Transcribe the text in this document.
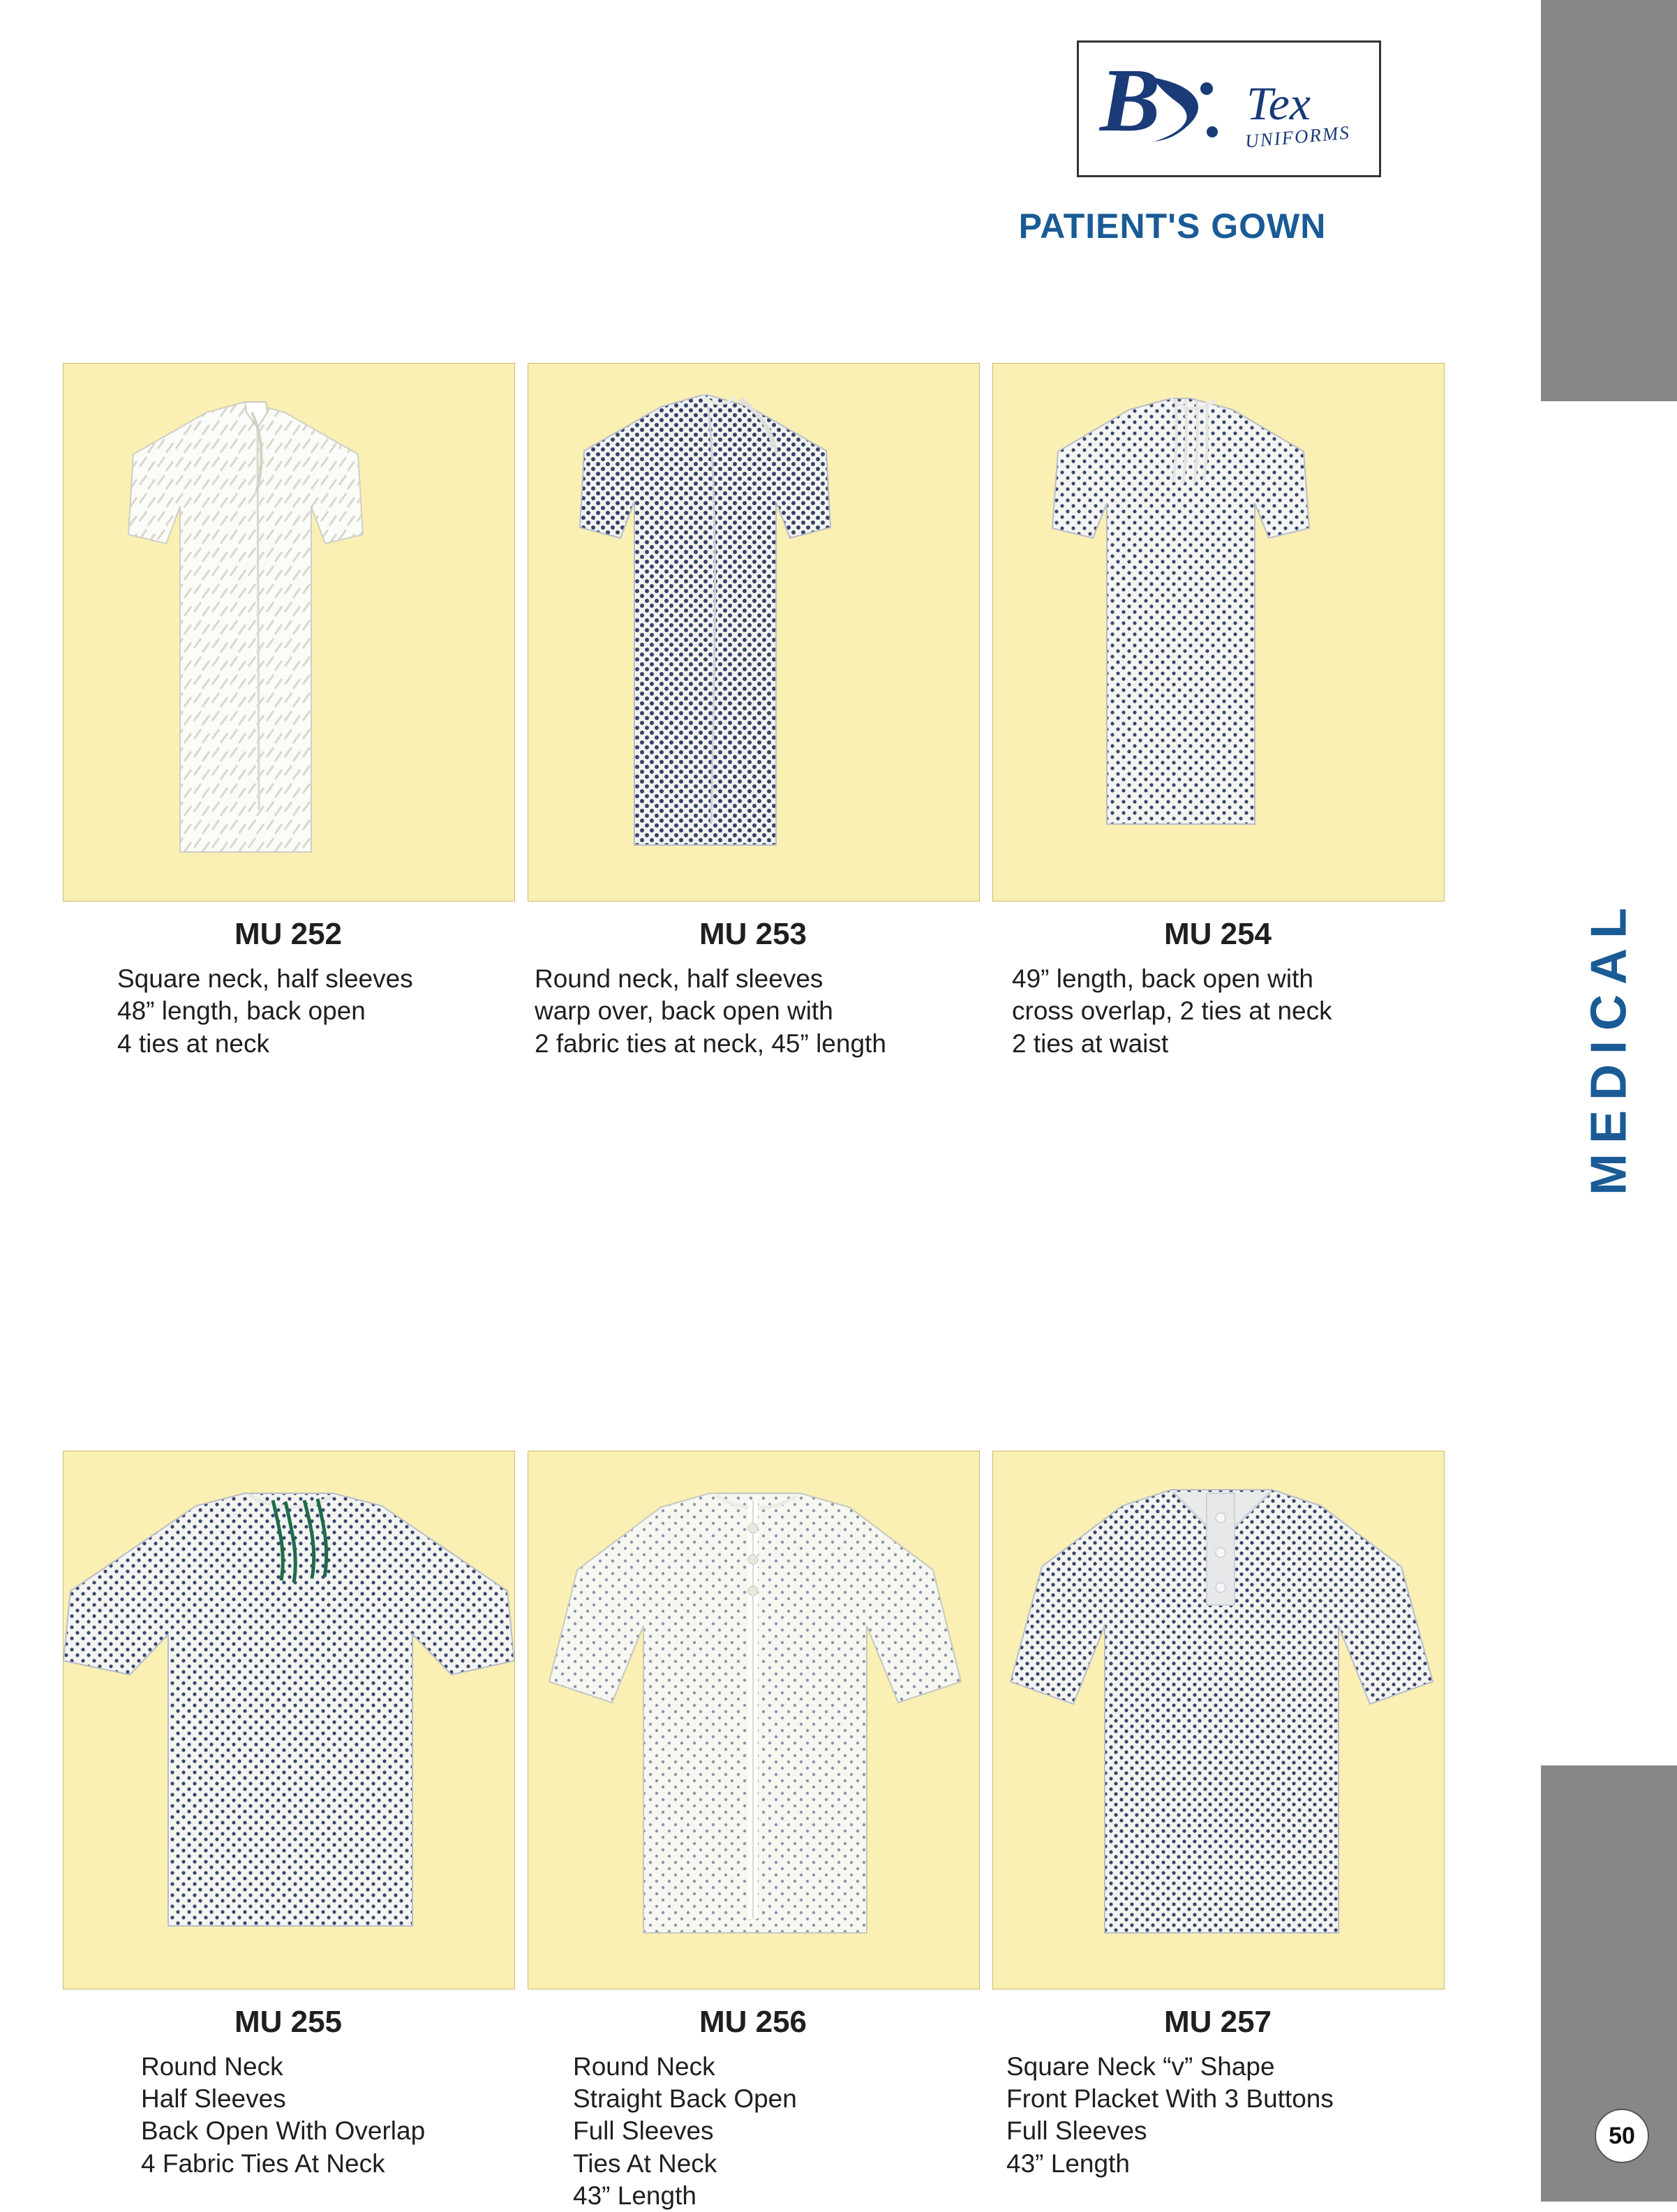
B Tex
UNIFORMS
PATIENT'S GOWN
MU 252
Square neck, half sleeves
48” length, back open
4 ties at neck
MU 253
Round neck, half sleeves
warp over, back open with
2 fabric ties at neck, 45” length
MU 254
49” length, back open with
cross overlap, 2 ties at neck
2 ties at waist
MU 255
Round Neck
Half Sleeves
Back Open With Overlap
4 Fabric Ties At Neck
MU 256
Round Neck
Straight Back Open
Full Sleeves
Ties At Neck
43” Length
MU 257
Square Neck “v” Shape
Front Placket With 3 Buttons
Full Sleeves
43” Length
MEDICAL
50
